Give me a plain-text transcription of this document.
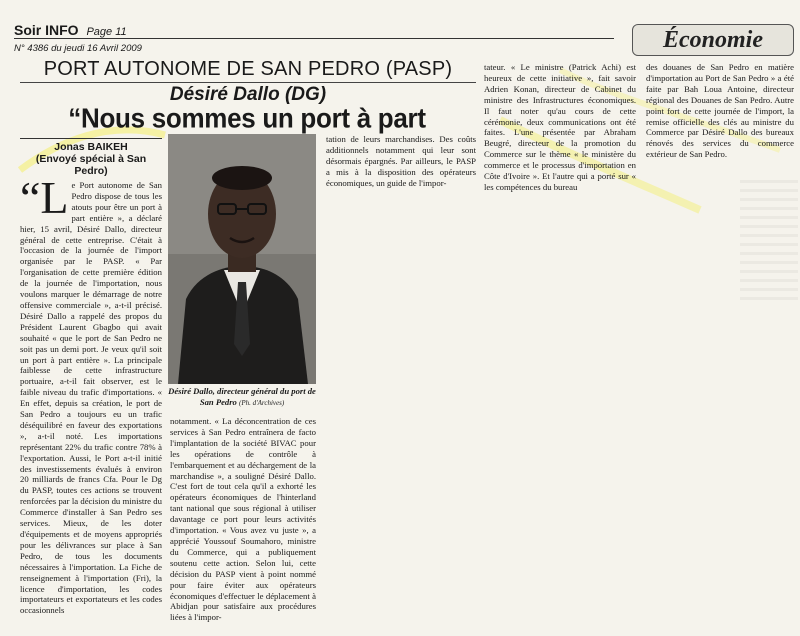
Soir INFO Page 11
N° 4386 du jeudi 16 Avril 2009	Économie
PORT AUTONOME DE SAN PEDRO (PASP)
Désiré Dallo (DG)
“Nous sommes un port à part
Jonas BAIKEH
(Envoyé spécial à San Pedro)
“L e Port autonome de San Pedro dispose de tous les atouts pour être un port à part entière », a déclaré hier, 15 avril, Désiré Dallo, directeur général de cette entreprise. C'était à l'occasion de la journée de l'import organisée par le PASP. « Par l'organisation de cette première édition de la journée de l'importation, nous voulons marquer le démarrage de notre offensive commerciale », a-t-il précisé. Désiré Dallo a rappelé des propos du Président Laurent Gbagbo qui avait souhaité « que le port de San Pedro ne soit pas un demi port. Je veux qu'il soit un port à part entière ». La principale faiblesse de cette infrastructure portuaire, a-t-il fait observer, est le faible niveau du trafic d'importations. « En effet, depuis sa création, le port de San Pedro a toujours eu un trafic déséquilibré en faveur des exportations », a-t-il noté. Les importations représentant 22% du trafic contre 78% à l'exportation. Aussi, le Port a-t-il initié des investissements évalués à environ 20 milliards de francs Cfa. Pour le Dg du PASP, toutes ces actions se trouvent renforcées par la décision du ministre du Commerce d'installer à San Pedro ses services. Mieux, de les doter d'équipements et de moyens appropriés pour les délivrances sur place à San Pedro, de tous les documents nécessaires à l'importation. La Fiche de renseignement à l'importation (Fri), la licence d'importation, les codes importateurs et exportateurs et les codes occasionnels
Désiré Dallo, directeur général du port de San Pedro (Ph. d'Archives)
notamment. « La déconcentration de ces services à San Pedro entraînera de facto l'implantation de la société BIVAC pour les opérations de contrôle à l'embarquement et au déchargement de la marchandise », a souligné Désiré Dallo. C'est fort de tout cela qu'il a exhorté les opérateurs économiques de l'hinterland tant national que sous régional à utiliser davantage ce port pour leurs activités d'importation. « Vous avez vu juste », a apprécié Youssouf Soumahoro, ministre du Commerce, qui a publiquement soutenu cette action. Selon lui, cette décision du PASP vient à point nommé pour faire éviter aux opérateurs économiques d'effectuer le déplacement à Abidjan pour satisfaire aux procédures liées à l'impor-
tation de leurs marchandises. Des coûts additionnels notamment qui leur sont désormais épargnés. Par ailleurs, le PASP a mis à la disposition des opérateurs économiques, un guide de l'impor-
tateur. « Le ministre (Patrick Achi) est heureux de cette initiative », fait savoir Adrien Konan, directeur de Cabinet du ministre des Infrastructures économiques. Il faut noter qu'au cours de cette cérémonie, deux communications ont été faites. L'une présentée par Abraham Beugré, directeur de la promotion du Commerce sur le thème « le ministère du commerce et le processus d'importation en Côte d'Ivoire ». Et l'autre qui a porté sur « les compétences du bureau
des douanes de San Pedro en matière d'importation au Port de San Pedro » a été faite par Bah Loua Antoine, directeur régional des Douanes de San Pedro. Autre point fort de cette journée de l'import, la remise officielle des clés au ministre du Commerce par Désiré Dallo des bureaux rénovés des services du commerce extérieur de San Pedro.
